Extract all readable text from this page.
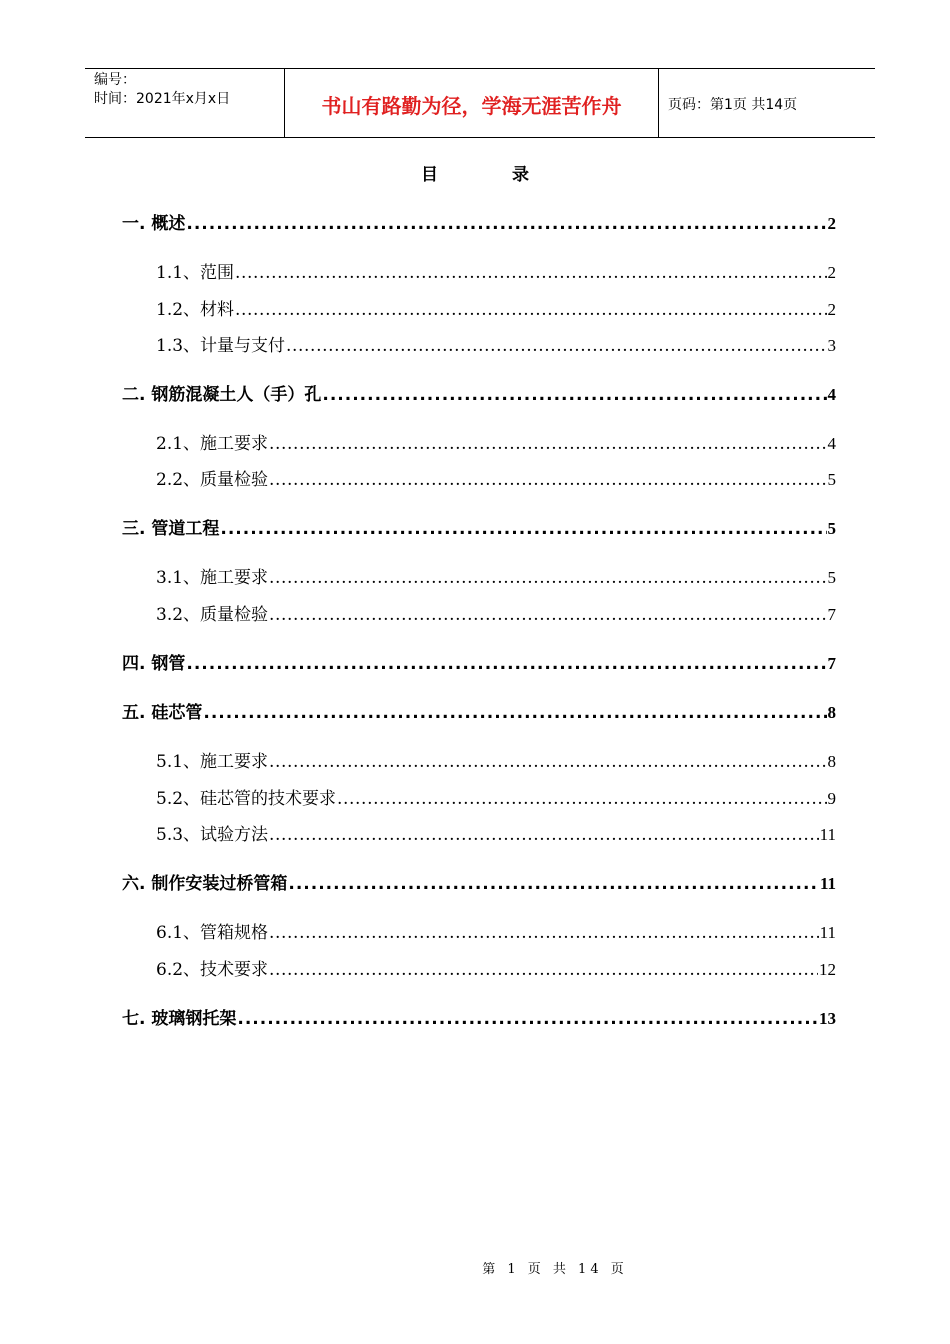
编号：
时间：2021年x月x日	书山有路勤为径，学海无涯苦作舟	页码：第1页 共14页
目 录
一. 概述 .....	2
1.1、范围 .....	2
1.2、材料 .....	2
1.3、计量与支付 .....	3
二. 钢筋混凝土人（手）孔 .....	4
2.1、施工要求 .....	4
2.2、质量检验 .....	5
三. 管道工程 .....	5
3.1、施工要求 .....	5
3.2、质量检验 .....	7
四. 钢管 .....	7
五. 硅芯管 .....	8
5.1、施工要求 .....	8
5.2、硅芯管的技术要求 .....	9
5.3、试验方法 .....	11
六. 制作安装过桥管箱 .....	11
6.1、管箱规格 .....	11
6.2、技术要求 .....	12
七. 玻璃钢托架 .....	13
第 1 页 共 14 页
